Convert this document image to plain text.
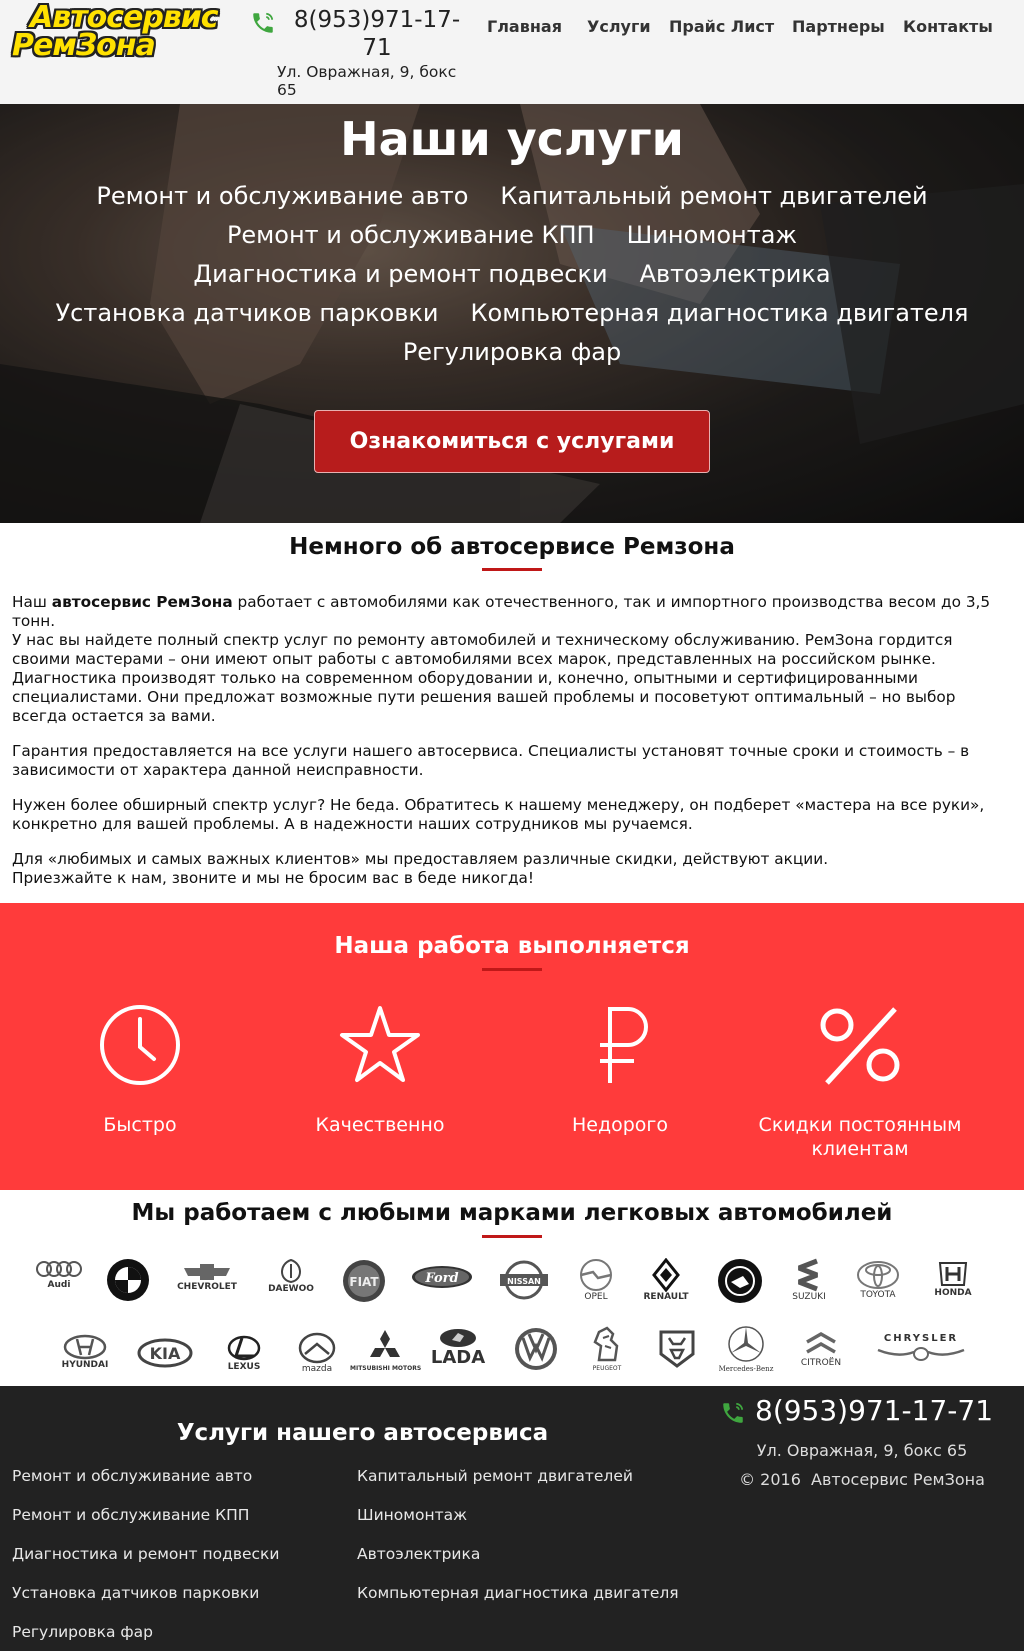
Автосервис
РемЗона
8(953)971-17-71
Ул. Овражная, 9, бокс 65
Главная Услуги Прайс Лист Партнеры Контакты
Наши услуги
Ремонт и обслуживание авто Капитальный ремонт двигателей
Ремонт и обслуживание КПП Шиномонтаж
Диагностика и ремонт подвески Автоэлектрика
Установка датчиков парковки Компьютерная диагностика двигателя
Регулировка фар
Ознакомиться с услугами
Немного об автосервисе Ремзона

Наш автосервис РемЗона работает с автомобилями как отечественного, так и импортного производства весом до 3,5 тонн.
У нас вы найдете полный спектр услуг по ремонту автомобилей и техническому обслуживанию. РемЗона гордится своими мастерами – они имеют опыт работы с автомобилями всех марок, представленных на российском рынке. Диагностика производят только на современном оборудовании и, конечно, опытными и сертифицированными специалистами. Они предложат возможные пути решения вашей проблемы и посоветуют оптимальный – но выбор всегда остается за вами.

Гарантия предоставляется на все услуги нашего автосервиса. Специалисты установят точные сроки и стоимость – в зависимости от характера данной неисправности.

Нужен более обширный спектр услуг? Не беда. Обратитесь к нашему менеджеру, он подберет «мастера на все руки», конкретно для вашей проблемы. А в надежности наших сотрудников мы ручаемся.

Для «любимых и самых важных клиентов» мы предоставляем различные скидки, действуют акции.
Приезжайте к нам, звоните и мы не бросим вас в беде никогда!

Наша работа выполняется
Быстро	Качественно	Недорого	Скидки постоянным клиентам
Мы работаем с любыми марками легковых автомобилей
Audi	CHEVROLET	DAEWOO	FIAT	Ford	NISSAN
OPEL	RENAULT	SUZUKI	TOYOTA	HONDA
HYUNDAI
KIA
LEXUS	mazda	MITSUBISHI MOTORS
LADA
PEUGEOT	Mercedes-Benz
CITROËN
CHRYSLER
Услуги нашего автосервиса
Ремонт и обслуживание авто
Ремонт и обслуживание КПП
Диагностика и ремонт подвески
Установка датчиков парковки
Регулировка фар
Капитальный ремонт двигателей
Шиномонтаж
Автоэлектрика
Компьютерная диагностика двигателя
8(953)971-17-71
Ул. Овражная, 9, бокс 65
© 2016  Автосервис РемЗона
